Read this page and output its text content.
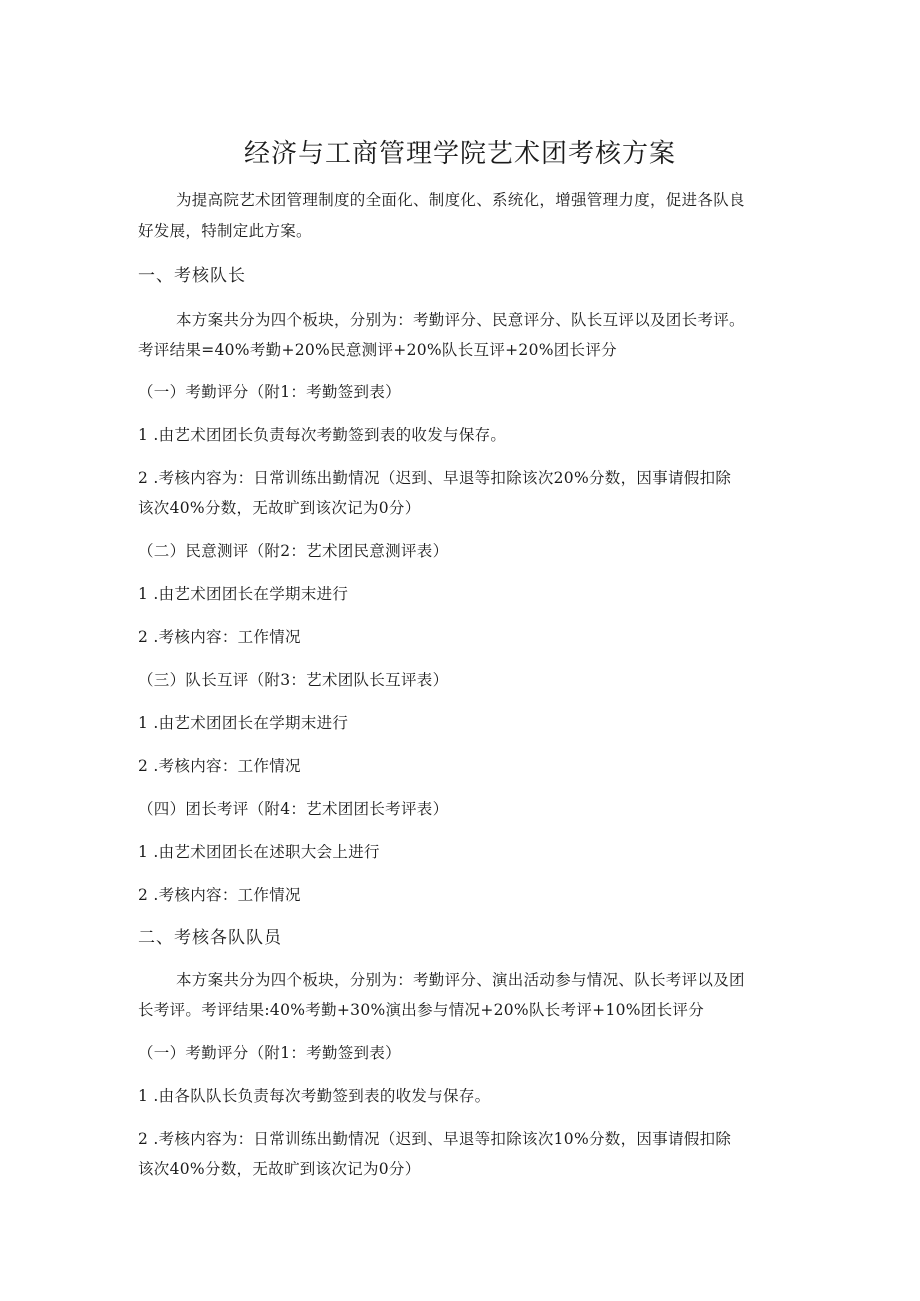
经济与工商管理学院艺术团考核方案
为提高院艺术团管理制度的全面化、制度化、系统化，增强管理力度，促进各队良
好发展，特制定此方案。
一、考核队长
本方案共分为四个板块，分别为：考勤评分、民意评分、队长互评以及团长考评。
考评结果=40%考勤+20%民意测评+20%队长互评+20%团长评分
（一）考勤评分（附1：考勤签到表）
1 .由艺术团团长负责每次考勤签到表的收发与保存。
2 .考核内容为：日常训练出勤情况（迟到、早退等扣除该次20%分数，因事请假扣除
该次40%分数，无故旷到该次记为0分）
（二）民意测评（附2：艺术团民意测评表）
1 .由艺术团团长在学期末进行
2 .考核内容：工作情况
（三）队长互评（附3：艺术团队长互评表）
1 .由艺术团团长在学期末进行
2 .考核内容：工作情况
（四）团长考评（附4：艺术团团长考评表）
1 .由艺术团团长在述职大会上进行
2 .考核内容：工作情况
二、考核各队队员
本方案共分为四个板块，分别为：考勤评分、演出活动参与情况、队长考评以及团
长考评。考评结果:40%考勤+30%演出参与情况+20%队长考评+10%团长评分
（一）考勤评分（附1：考勤签到表）
1 .由各队队长负责每次考勤签到表的收发与保存。
2 .考核内容为：日常训练出勤情况（迟到、早退等扣除该次10%分数，因事请假扣除
该次40%分数，无故旷到该次记为0分）
